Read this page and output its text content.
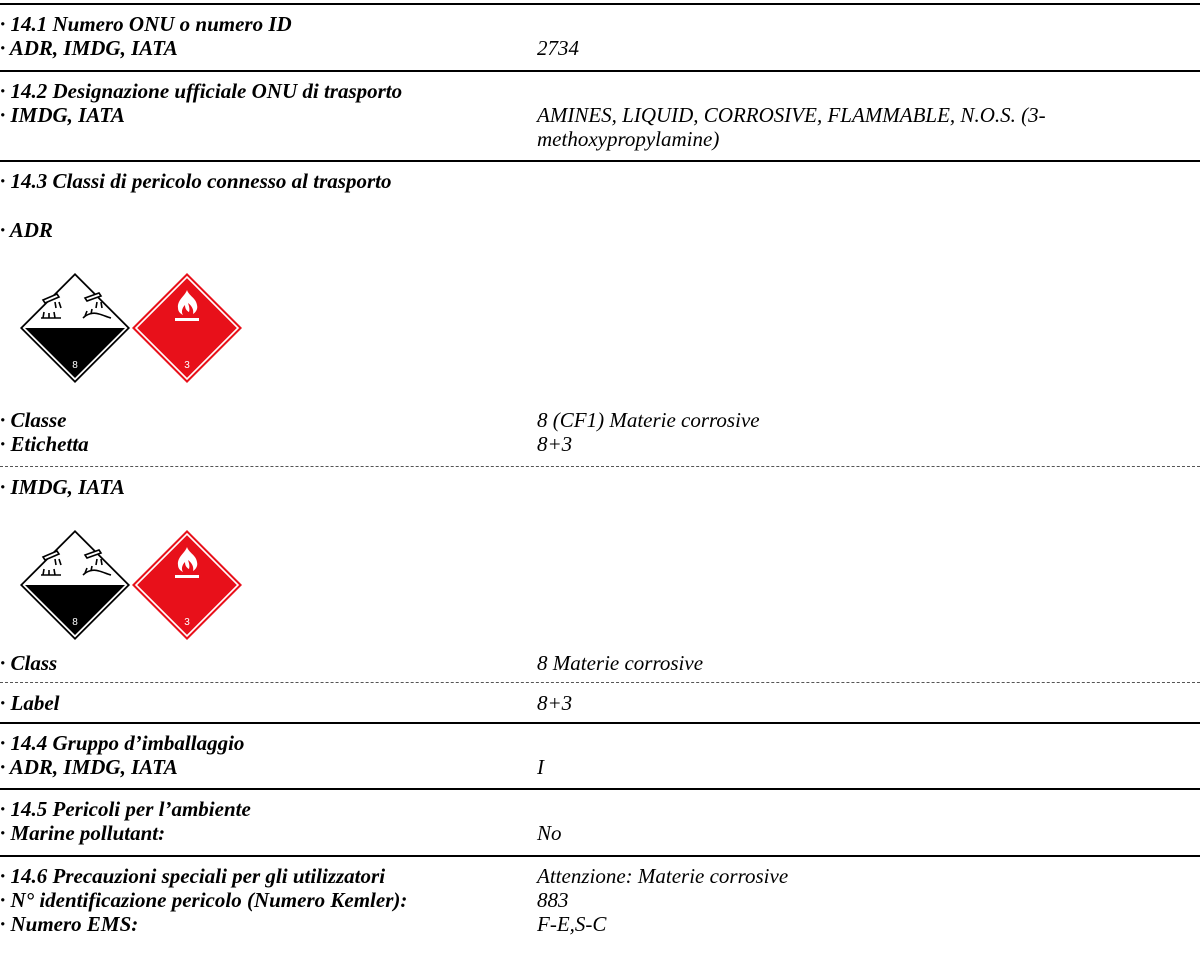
· 14.1 Numero ONU o numero ID
· ADR, IMDG, IATA	2734
· 14.2 Designazione ufficiale ONU di trasporto
· IMDG, IATA	AMINES, LIQUID, CORROSIVE, FLAMMABLE, N.O.S. (3-methoxypropylamine)
· 14.3 Classi di pericolo connesso al trasporto
· ADR
8	3
· Classe	8 (CF1) Materie corrosive
· Etichetta	8+3
· IMDG, IATA
8	3
· Class	8 Materie corrosive
· Label	8+3
· 14.4 Gruppo d’imballaggio
· ADR, IMDG, IATA	I
· 14.5 Pericoli per l’ambiente
· Marine pollutant:	No
· 14.6 Precauzioni speciali per gli utilizzatori	Attenzione: Materie corrosive
· N° identificazione pericolo (Numero Kemler):	883
· Numero EMS:	F-E,S-C
